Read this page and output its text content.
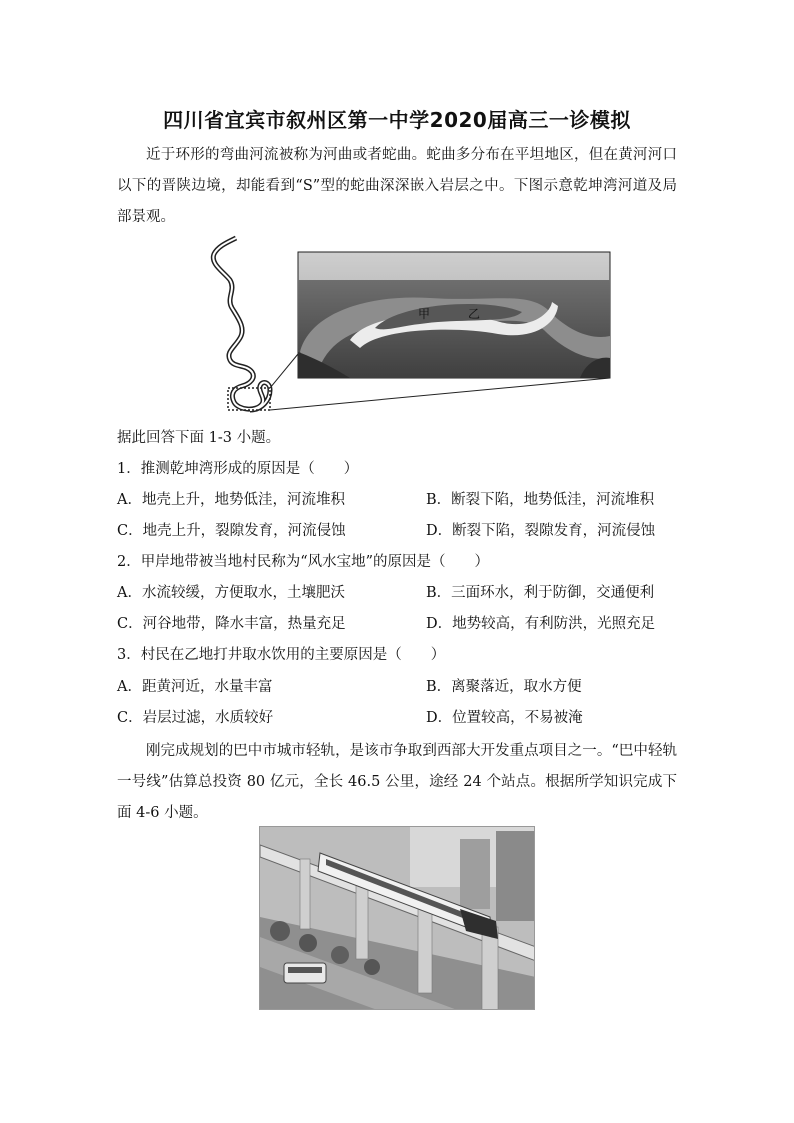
四川省宜宾市叙州区第一中学2020届高三一诊模拟
近于环形的弯曲河流被称为河曲或者蛇曲。蛇曲多分布在平坦地区，但在黄河河口以下的晋陕边境，却能看到“S”型的蛇曲深深嵌入岩层之中。下图示意乾坤湾河道及局部景观。
甲	乙
据此回答下面 1-3 小题。
1．推测乾坤湾形成的原因是（　　）
A．地壳上升，地势低洼，河流堆积	B．断裂下陷，地势低洼，河流堆积
C．地壳上升，裂隙发育，河流侵蚀	D．断裂下陷，裂隙发育，河流侵蚀
2．甲岸地带被当地村民称为“风水宝地”的原因是（　　）
A．水流较缓，方便取水，土壤肥沃	B．三面环水，利于防御，交通便利
C．河谷地带，降水丰富，热量充足	D．地势较高，有利防洪，光照充足
3．村民在乙地打井取水饮用的主要原因是（　　）
A．距黄河近，水量丰富	B．离聚落近，取水方便
C．岩层过滤，水质较好	D．位置较高，不易被淹
刚完成规划的巴中市城市轻轨，是该市争取到西部大开发重点项目之一。“巴中轻轨一号线”估算总投资 80 亿元，全长 46.5 公里，途经 24 个站点。根据所学知识完成下面 4-6 小题。
